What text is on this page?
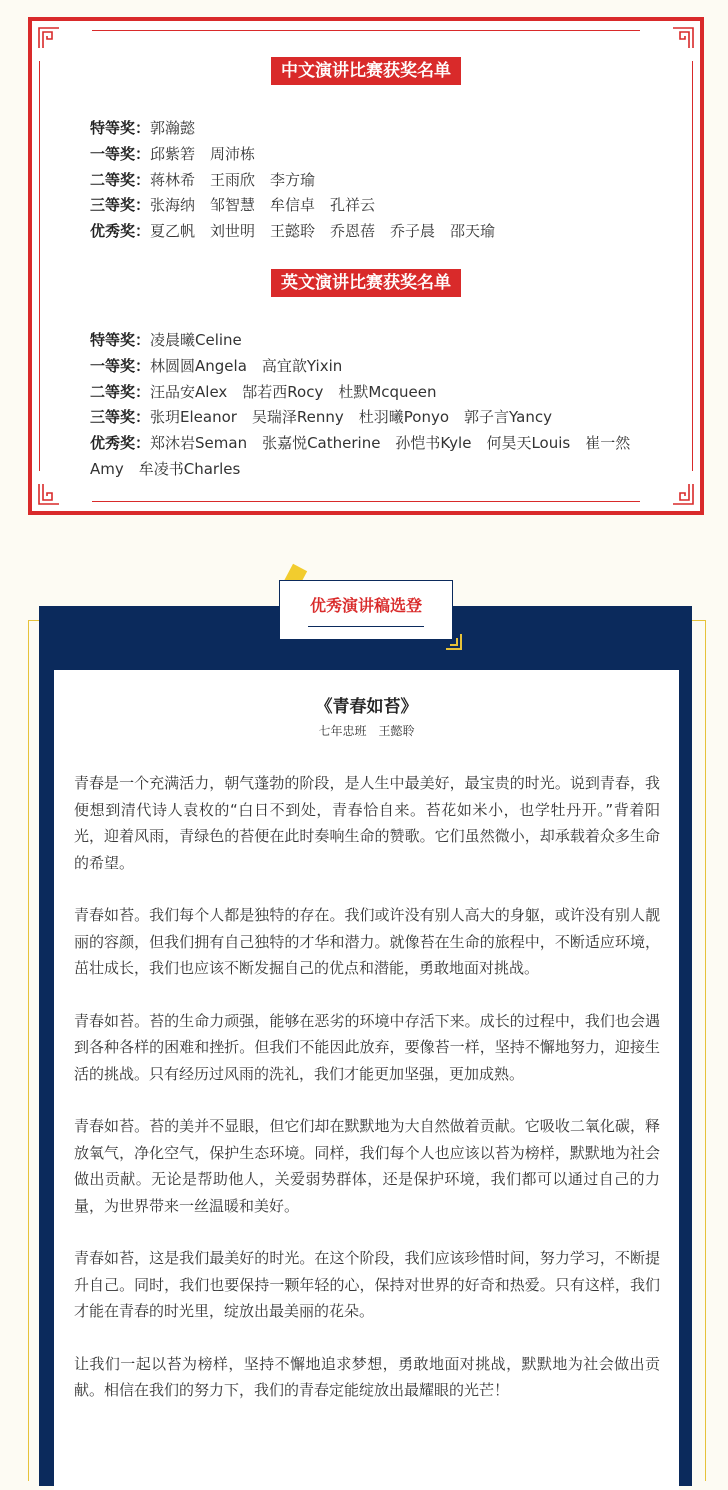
中文演讲比赛获奖名单
特等奖：郭瀚懿
一等奖：邱紫箬　周沛栋
二等奖：蒋林希　王雨欣　李方瑜
三等奖：张海纳　邹智慧　牟信卓　孔祥云
优秀奖：夏乙帆　刘世明　王懿聆　乔恩蓓　乔子晨　邵天瑜
英文演讲比赛获奖名单
特等奖：凌晨曦Celine
一等奖：林圆圆Angela　高宜歆Yixin
二等奖：汪品安Alex　郜若西Rocy　杜默Mcqueen
三等奖：张玥Eleanor　吴瑞泽Renny　杜羽曦Ponyo　郭子言Yancy
优秀奖：郑沐岩Seman　张嘉悦Catherine　孙恺书Kyle　何昊天Louis　崔一然Amy　牟凌书Charles
优秀演讲稿选登
《青春如苔》
七年忠班　王懿聆

青春是一个充满活力，朝气蓬勃的阶段，是人生中最美好，最宝贵的时光。说到青春，我便想到清代诗人袁枚的“白日不到处，青春恰自来。苔花如米小，也学牡丹开。”背着阳光，迎着风雨，青绿色的苔便在此时奏响生命的赞歌。它们虽然微小，却承载着众多生命的希望。

青春如苔。我们每个人都是独特的存在。我们或许没有别人高大的身躯，或许没有别人靓丽的容颜，但我们拥有自己独特的才华和潜力。就像苔在生命的旅程中，不断适应环境，茁壮成长，我们也应该不断发掘自己的优点和潜能，勇敢地面对挑战。

青春如苔。苔的生命力顽强，能够在恶劣的环境中存活下来。成长的过程中，我们也会遇到各种各样的困难和挫折。但我们不能因此放弃，要像苔一样，坚持不懈地努力，迎接生活的挑战。只有经历过风雨的洗礼，我们才能更加坚强，更加成熟。

青春如苔。苔的美并不显眼，但它们却在默默地为大自然做着贡献。它吸收二氧化碳，释放氧气，净化空气，保护生态环境。同样，我们每个人也应该以苔为榜样，默默地为社会做出贡献。无论是帮助他人，关爱弱势群体，还是保护环境，我们都可以通过自己的力量，为世界带来一丝温暖和美好。

青春如苔，这是我们最美好的时光。在这个阶段，我们应该珍惜时间，努力学习，不断提升自己。同时，我们也要保持一颗年轻的心，保持对世界的好奇和热爱。只有这样，我们才能在青春的时光里，绽放出最美丽的花朵。

让我们一起以苔为榜样，坚持不懈地追求梦想，勇敢地面对挑战，默默地为社会做出贡献。相信在我们的努力下，我们的青春定能绽放出最耀眼的光芒！
